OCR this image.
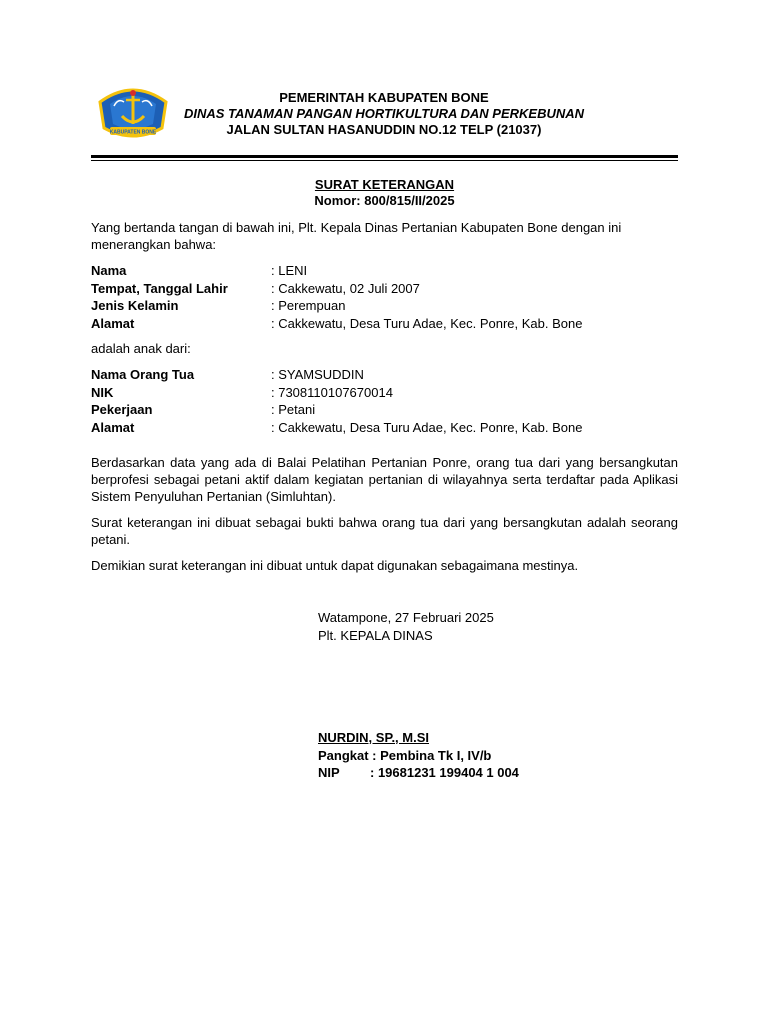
KABUPATEN BONE
PEMERINTAH KABUPATEN BONE
DINAS TANAMAN PANGAN HORTIKULTURA DAN PERKEBUNAN
JALAN SULTAN HASANUDDIN NO.12 TELP (21037)
SURAT KETERANGAN
Nomor: 800/815/II/2025
Yang bertanda tangan di bawah ini, Plt. Kepala Dinas Pertanian Kabupaten Bone dengan ini menerangkan bahwa:
Nama	: LENI
Tempat, Tanggal Lahir	: Cakkewatu, 02 Juli 2007
Jenis Kelamin	: Perempuan
Alamat	: Cakkewatu, Desa Turu Adae, Kec. Ponre, Kab. Bone
adalah anak dari:
Nama Orang Tua	: SYAMSUDDIN
NIK	: 7308110107670014
Pekerjaan	: Petani
Alamat	: Cakkewatu, Desa Turu Adae, Kec. Ponre, Kab. Bone
Berdasarkan data yang ada di Balai Pelatihan Pertanian Ponre, orang tua dari yang bersangkutan berprofesi sebagai petani aktif dalam kegiatan pertanian di wilayahnya serta terdaftar pada Aplikasi Sistem Penyuluhan Pertanian (Simluhtan).
Surat keterangan ini dibuat sebagai bukti bahwa orang tua dari yang bersangkutan adalah seorang petani.
Demikian surat keterangan ini dibuat untuk dapat digunakan sebagaimana mestinya.
Watampone, 27 Februari 2025
Plt. KEPALA DINAS
NURDIN, SP., M.SI
Pangkat : Pembina Tk I, IV/b
NIP	: 19681231 199404 1 004
